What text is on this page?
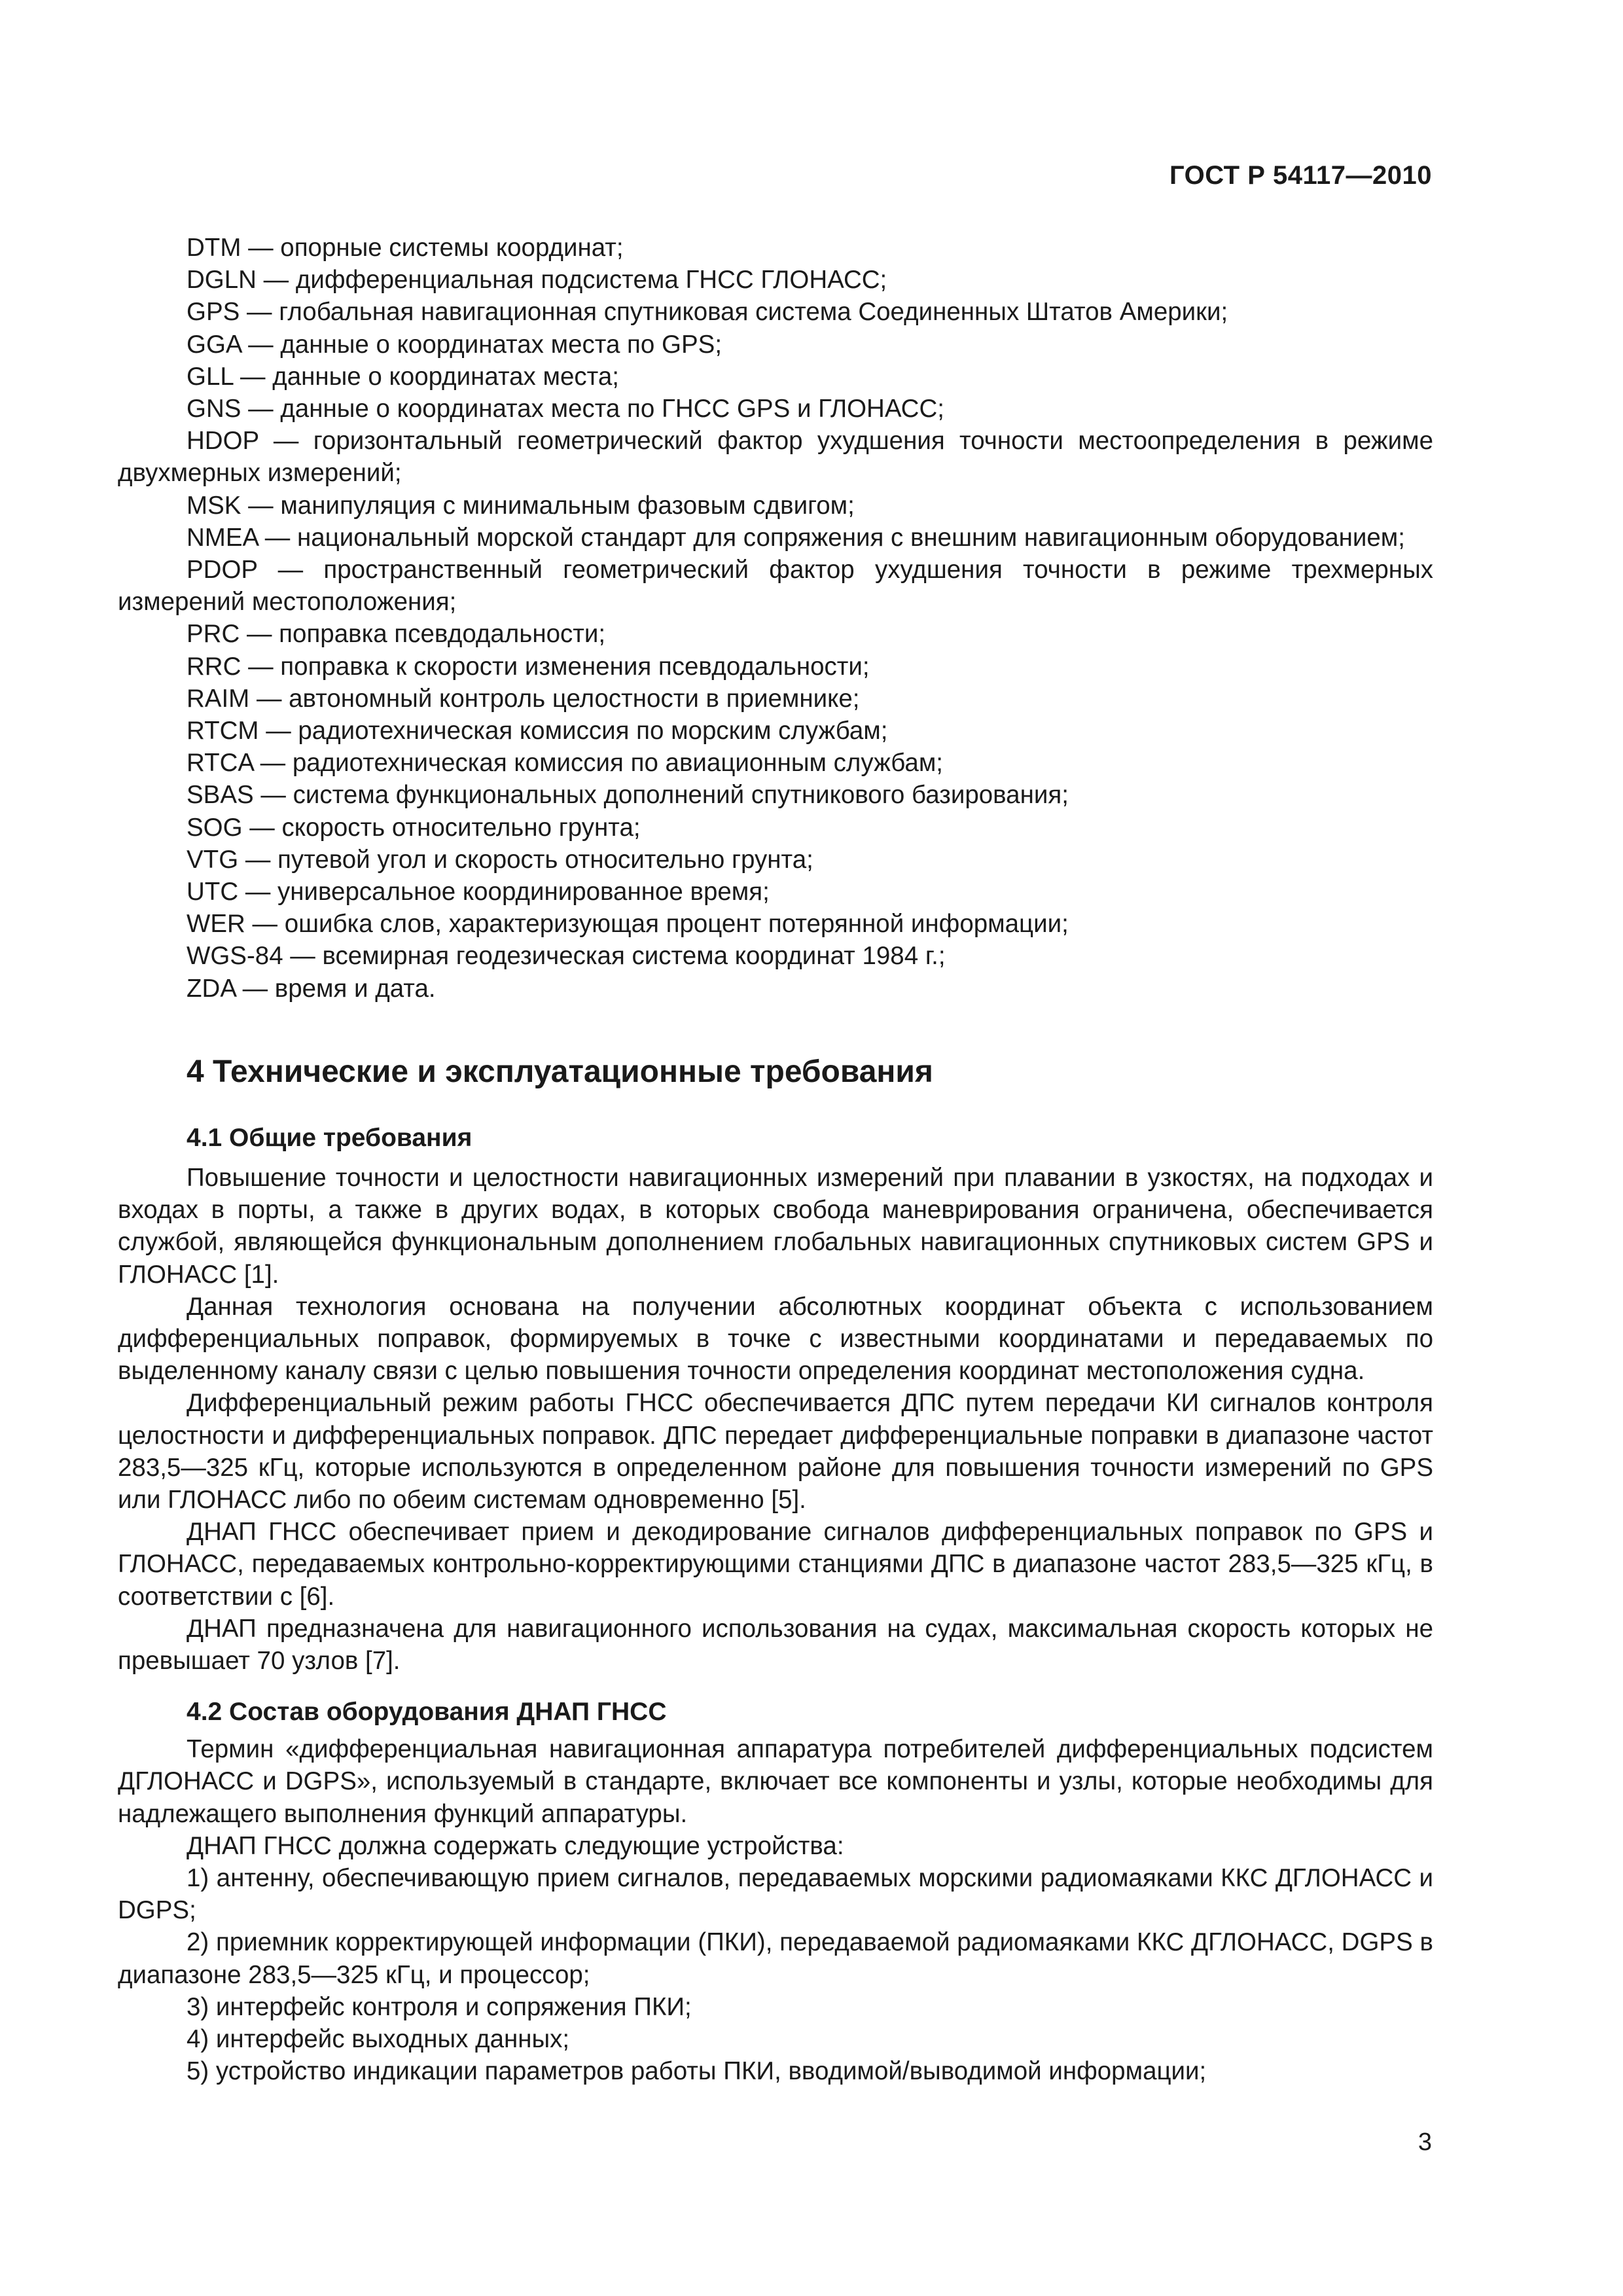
ГОСТ Р 54117—2010
DTM — опорные системы координат;
DGLN — дифференциальная подсистема ГНСС ГЛОНАСС;
GPS — глобальная навигационная спутниковая система Соединенных Штатов Америки;
GGA — данные о координатах места по GPS;
GLL — данные о координатах места;
GNS — данные о координатах места по ГНСС GPS и ГЛОНАСС;
HDOP — горизонтальный геометрический фактор ухудшения точности местоопределения в режиме двухмерных измерений;
MSK — манипуляция с минимальным фазовым сдвигом;
NMEA — национальный морской стандарт для сопряжения с внешним навигационным оборудованием;
PDOP — пространственный геометрический фактор ухудшения точности в режиме трехмерных измерений местоположения;
PRC — поправка псевдодальности;
RRC — поправка к скорости изменения псевдодальности;
RAIM — автономный контроль целостности в приемнике;
RTCM — радиотехническая комиссия по морским службам;
RTCA — радиотехническая комиссия по авиационным службам;
SBAS — система функциональных дополнений спутникового базирования;
SOG — скорость относительно грунта;
VTG — путевой угол и скорость относительно грунта;
UTC — универсальное координированное время;
WER — ошибка слов, характеризующая процент потерянной информации;
WGS-84 — всемирная геодезическая система координат 1984 г.;
ZDA — время и дата.
4 Технические и эксплуатационные требования
4.1 Общие требования
Повышение точности и целостности навигационных измерений при плавании в узкостях, на подходах и входах в порты, а также в других водах, в которых свобода маневрирования ограничена, обеспечивается службой, являющейся функциональным дополнением глобальных навигационных спутниковых систем GPS и ГЛОНАСС [1].
Данная технология основана на получении абсолютных координат объекта с использованием дифференциальных поправок, формируемых в точке с известными координатами и передаваемых по выделенному каналу связи с целью повышения точности определения координат местоположения судна.
Дифференциальный режим работы ГНСС обеспечивается ДПС путем передачи КИ сигналов контроля целостности и дифференциальных поправок. ДПС передает дифференциальные поправки в диапазоне частот 283,5—325 кГц, которые используются в определенном районе для повышения точности измерений по GPS или ГЛОНАСС либо по обеим системам одновременно [5].
ДНАП ГНСС обеспечивает прием и декодирование сигналов дифференциальных поправок по GPS и ГЛОНАСС, передаваемых контрольно-корректирующими станциями ДПС в диапазоне частот 283,5—325 кГц, в соответствии с [6].
ДНАП предназначена для навигационного использования на судах, максимальная скорость которых не превышает 70 узлов [7].
4.2 Состав оборудования ДНАП ГНСС
Термин «дифференциальная навигационная аппаратура потребителей дифференциальных подсистем ДГЛОНАСС и DGPS», используемый в стандарте, включает все компоненты и узлы, которые необходимы для надлежащего выполнения функций аппаратуры.
ДНАП ГНСС должна содержать следующие устройства:
1) антенну, обеспечивающую прием сигналов, передаваемых морскими радиомаяками ККС ДГЛОНАСС и DGPS;
2) приемник корректирующей информации (ПКИ), передаваемой радиомаяками ККС ДГЛОНАСС, DGPS в диапазоне 283,5—325 кГц, и процессор;
3) интерфейс контроля и сопряжения ПКИ;
4) интерфейс выходных данных;
5) устройство индикации параметров работы ПКИ, вводимой/выводимой информации;
3
